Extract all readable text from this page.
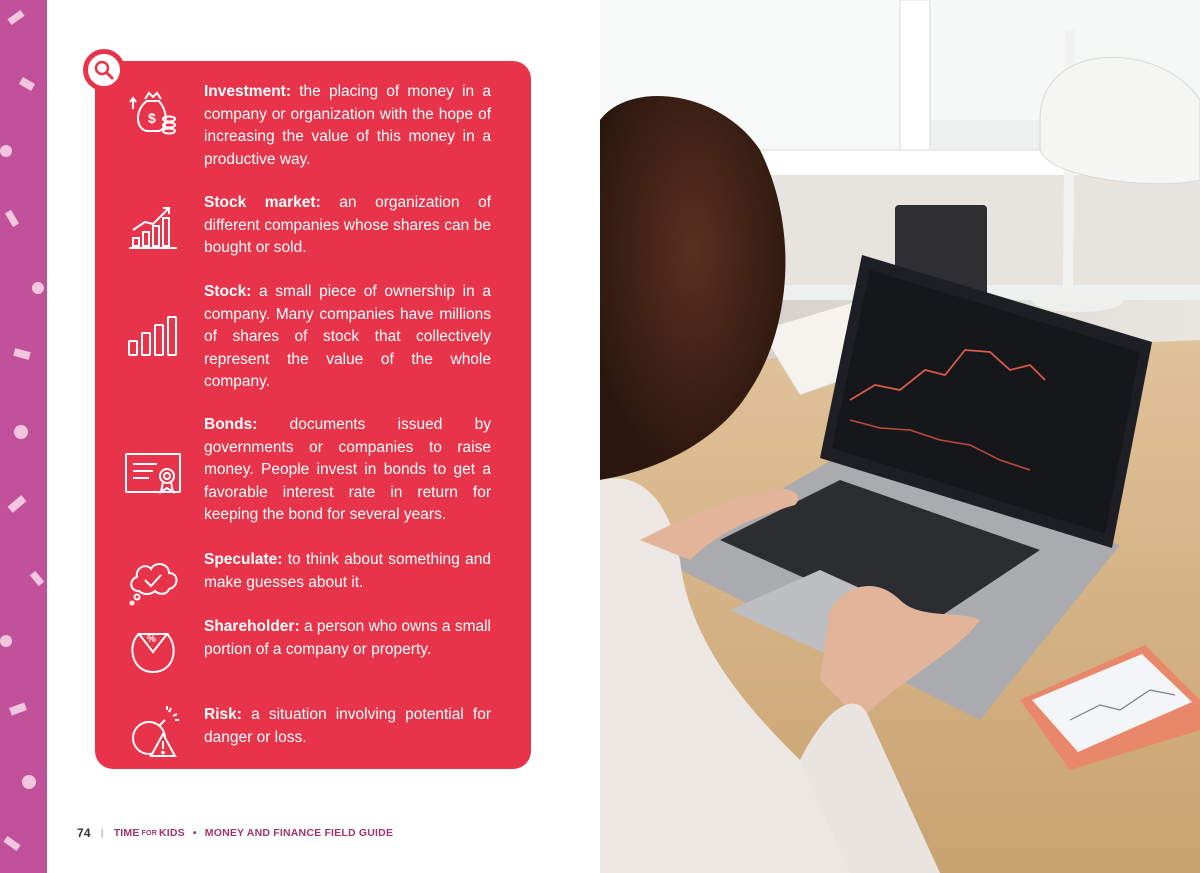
$
Investment: the placing of money in a company or organization with the hope of increasing the value of this money in a productive way.
Stock market: an organization of different companies whose shares can be bought or sold.
Stock: a small piece of ownership in a company. Many companies have millions of shares of stock that collectively represent the value of the whole company.
Bonds: documents issued by governments or companies to raise money. People invest in bonds to get a favorable interest rate in return for keeping the bond for several years.
Speculate: to think about something and make guesses about it.
%
Shareholder: a person who owns a small portion of a company or property.
Risk: a situation involving potential for danger or loss.
74 | TIME FOR KIDS • MONEY AND FINANCE FIELD GUIDE
